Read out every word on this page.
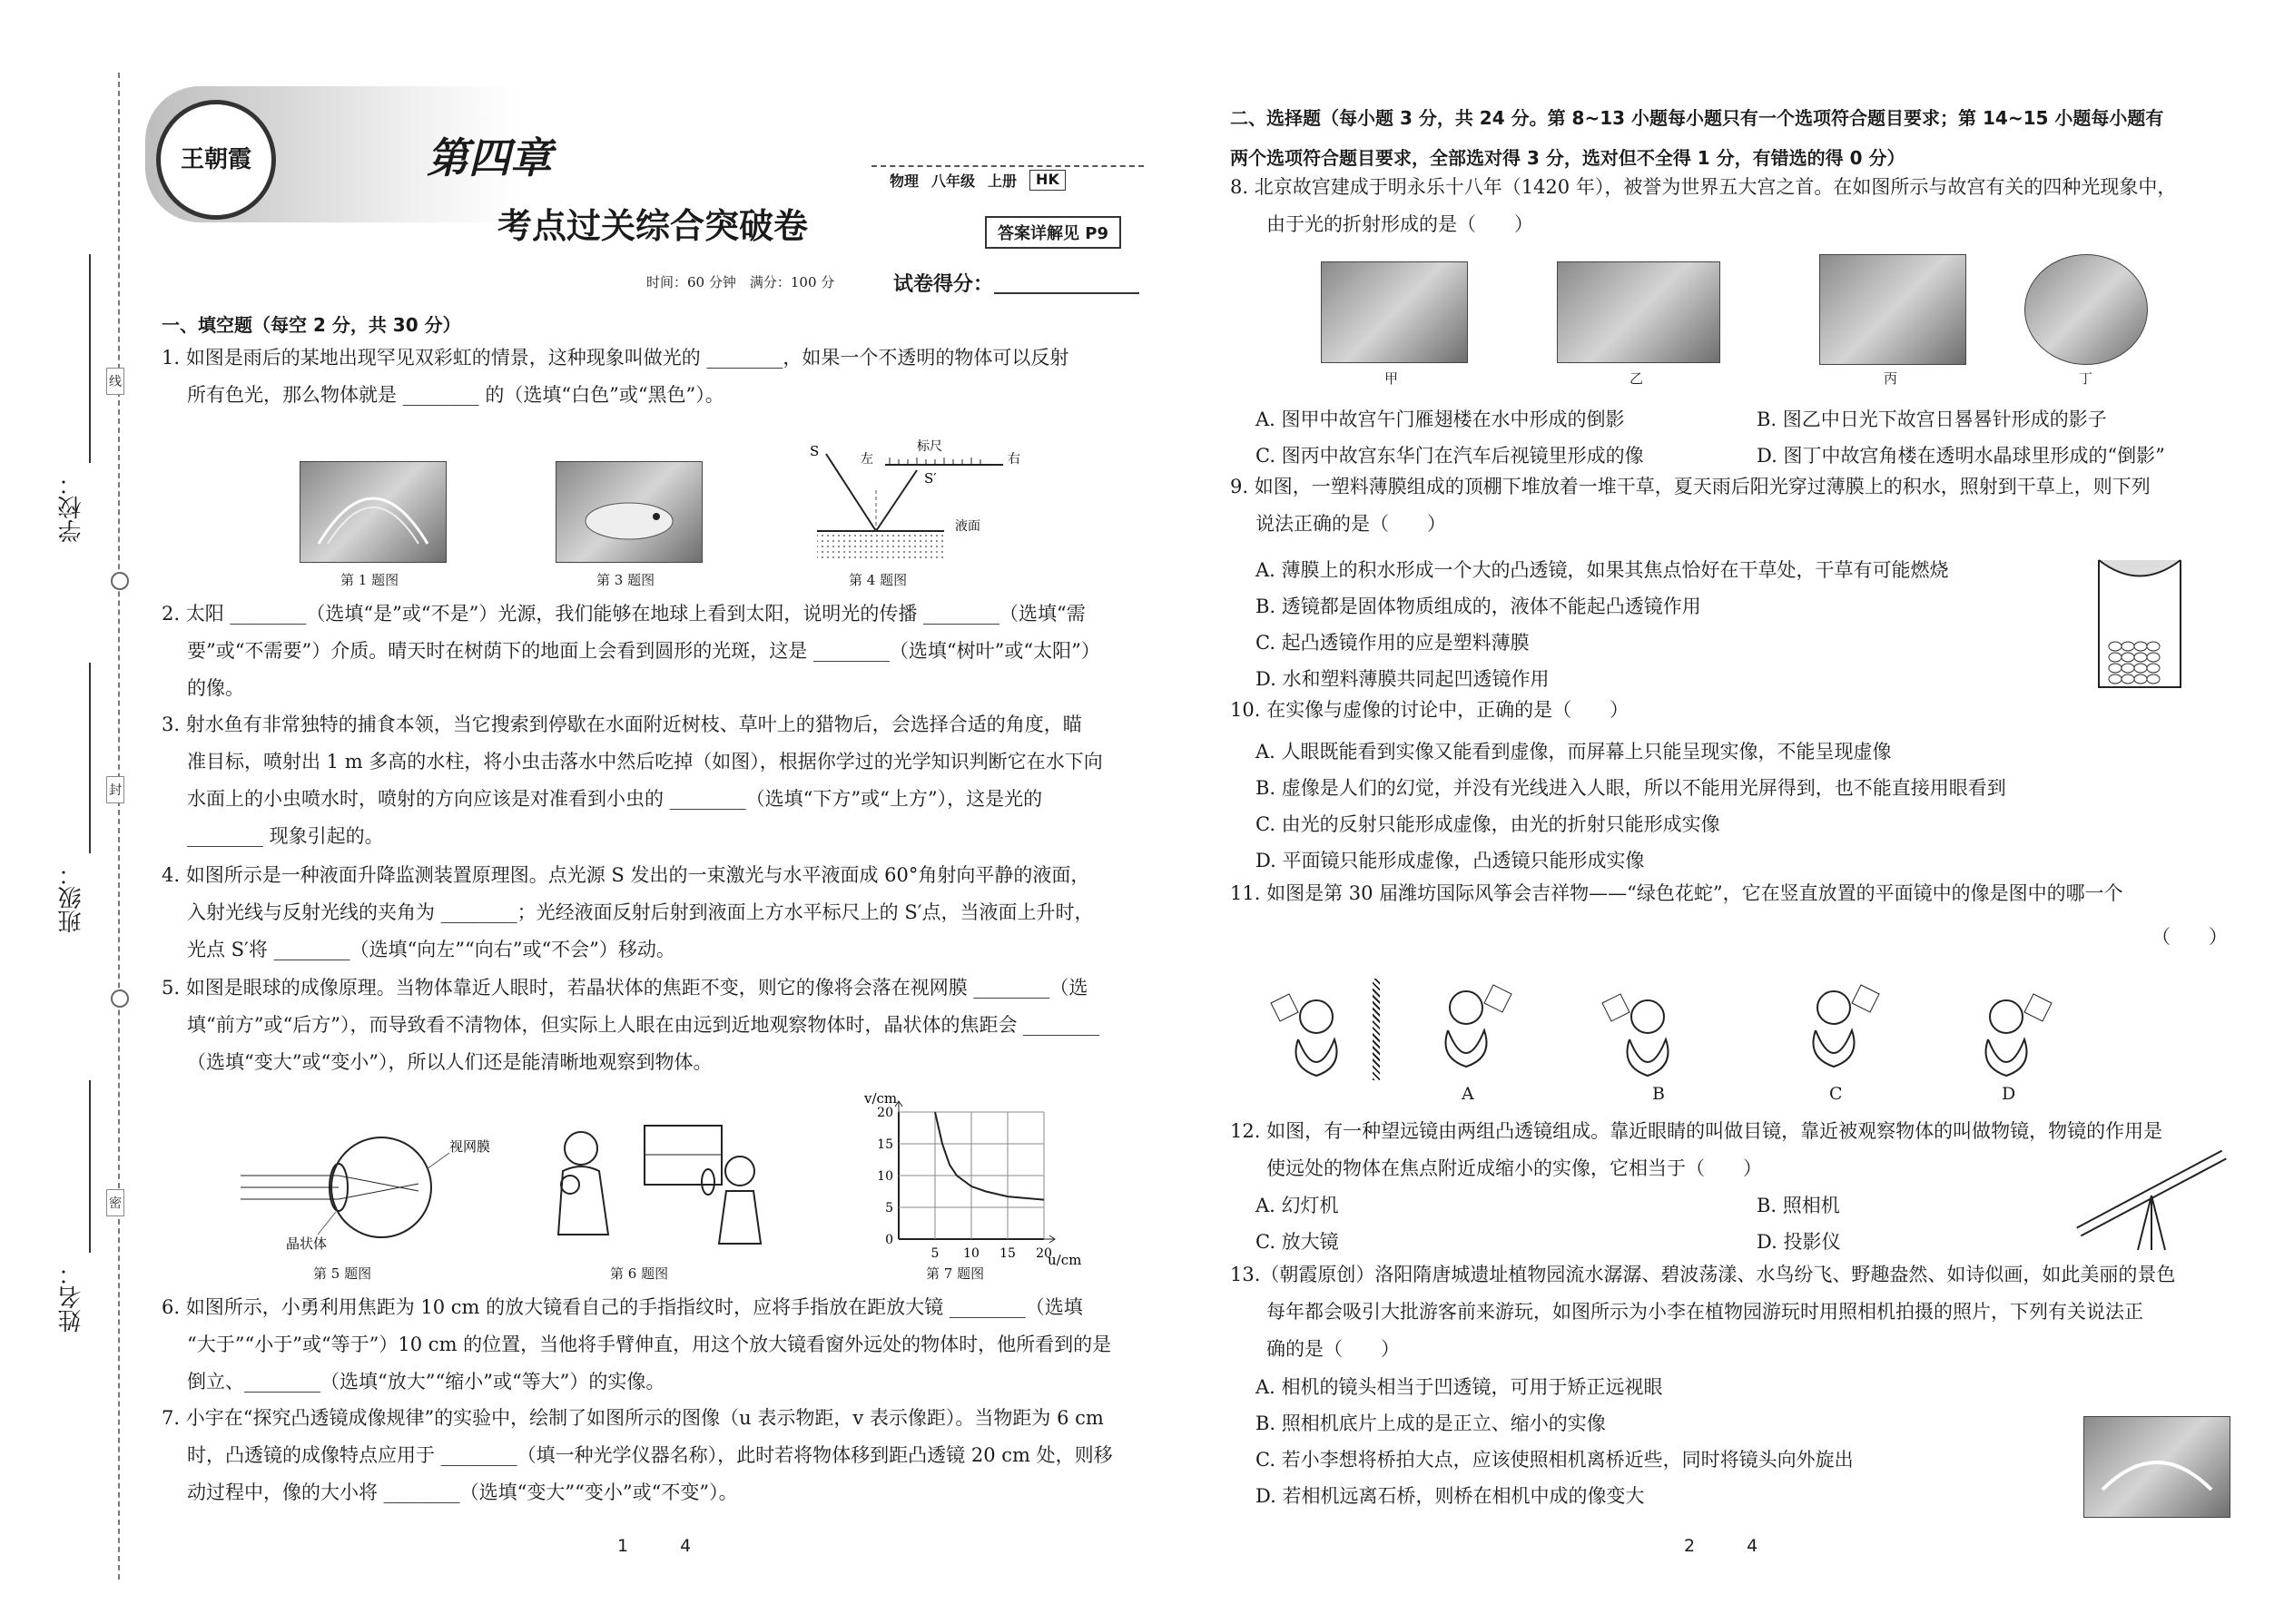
学校：
班级：
姓名：
线
封
密
王朝霞	第四章
考点过关综合突破卷
物理 八年级 上册	HK
答案详解见 P9
时间：60 分钟　满分：100 分	试卷得分：
一、填空题（每空 2 分，共 30 分）
1. 如图是雨后的某地出现罕见双彩虹的情景，这种现象叫做光的 ________，如果一个不透明的物体可以反射
所有色光，那么物体就是 ________ 的（选填“白色”或“黑色”）。
S
S′
左
标尺
右
液面
第 1 题图	第 3 题图	第 4 题图
2. 太阳 ________（选填“是”或“不是”）光源，我们能够在地球上看到太阳，说明光的传播 ________（选填“需
要”或“不需要”）介质。晴天时在树荫下的地面上会看到圆形的光斑，这是 ________（选填“树叶”或“太阳”）
的像。
3. 射水鱼有非常独特的捕食本领，当它搜索到停歇在水面附近树枝、草叶上的猎物后，会选择合适的角度，瞄
准目标，喷射出 1 m 多高的水柱，将小虫击落水中然后吃掉（如图），根据你学过的光学知识判断它在水下向
水面上的小虫喷水时，喷射的方向应该是对准看到小虫的 ________（选填“下方”或“上方”），这是光的
________ 现象引起的。
4. 如图所示是一种液面升降监测装置原理图。点光源 S 发出的一束激光与水平液面成 60°角射向平静的液面，
入射光线与反射光线的夹角为 ________；光经液面反射后射到液面上方水平标尺上的 S′点，当液面上升时，
光点 S′将 ________（选填“向左”“向右”或“不会”）移动。
5. 如图是眼球的成像原理。当物体靠近人眼时，若晶状体的焦距不变，则它的像将会落在视网膜 ________（选
填“前方”或“后方”），而导致看不清物体，但实际上人眼在由远到近地观察物体时，晶状体的焦距会 ________
（选填“变大”或“变小”），所以人们还是能清晰地观察到物体。
视网膜
晶状体
v/cm
u/cm
20
15
10
5
0
5 10 15 20
第 5 题图	第 6 题图	第 7 题图
6. 如图所示，小勇利用焦距为 10 cm 的放大镜看自己的手指指纹时，应将手指放在距放大镜 ________（选填
“大于”“小于”或“等于”）10 cm 的位置，当他将手臂伸直，用这个放大镜看窗外远处的物体时，他所看到的是
倒立、________（选填“放大”“缩小”或“等大”）的实像。
7. 小宇在“探究凸透镜成像规律”的实验中，绘制了如图所示的图像（u 表示物距，v 表示像距）。当物距为 6 cm
时，凸透镜的成像特点应用于 ________（填一种光学仪器名称），此时若将物体移到距凸透镜 20 cm 处，则移
动过程中，像的大小将 ________（选填“变大”“变小”或“不变”）。
1　　　4
二、选择题（每小题 3 分，共 24 分。第 8~13 小题每小题只有一个选项符合题目要求；第 14~15 小题每小题有
两个选项符合题目要求，全部选对得 3 分，选对但不全得 1 分，有错选的得 0 分）
8. 北京故宫建成于明永乐十八年（1420 年），被誉为世界五大宫之首。在如图所示与故宫有关的四种光现象中，
由于光的折射形成的是（　　）
甲	乙	丙	丁
A. 图甲中故宫午门雁翅楼在水中形成的倒影	B. 图乙中日光下故宫日晷晷针形成的影子
C. 图丙中故宫东华门在汽车后视镜里形成的像	D. 图丁中故宫角楼在透明水晶球里形成的“倒影”
9. 如图，一塑料薄膜组成的顶棚下堆放着一堆干草，夏天雨后阳光穿过薄膜上的积水，照射到干草上，则下列
说法正确的是（　　）
A. 薄膜上的积水形成一个大的凸透镜，如果其焦点恰好在干草处，干草有可能燃烧
B. 透镜都是固体物质组成的，液体不能起凸透镜作用
C. 起凸透镜作用的应是塑料薄膜
D. 水和塑料薄膜共同起凹透镜作用
10. 在实像与虚像的讨论中，正确的是（　　）
A. 人眼既能看到实像又能看到虚像，而屏幕上只能呈现实像，不能呈现虚像
B. 虚像是人们的幻觉，并没有光线进入人眼，所以不能用光屏得到，也不能直接用眼看到
C. 由光的反射只能形成虚像，由光的折射只能形成实像
D. 平面镜只能形成虚像，凸透镜只能形成实像
11. 如图是第 30 届潍坊国际风筝会吉祥物——“绿色花蛇”，它在竖直放置的平面镜中的像是图中的哪一个
（　　）
A	B	C	D
12. 如图，有一种望远镜由两组凸透镜组成。靠近眼睛的叫做目镜，靠近被观察物体的叫做物镜，物镜的作用是
使远处的物体在焦点附近成缩小的实像，它相当于（　　）
A. 幻灯机	B. 照相机
C. 放大镜	D. 投影仪
13.（朝霞原创）洛阳隋唐城遗址植物园流水潺潺、碧波荡漾、水鸟纷飞、野趣盎然、如诗似画，如此美丽的景色
每年都会吸引大批游客前来游玩，如图所示为小李在植物园游玩时用照相机拍摄的照片，下列有关说法正
确的是（　　）
A. 相机的镜头相当于凹透镜，可用于矫正远视眼
B. 照相机底片上成的是正立、缩小的实像
C. 若小李想将桥拍大点，应该使照相机离桥近些，同时将镜头向外旋出
D. 若相机远离石桥，则桥在相机中成的像变大
2　　　4
